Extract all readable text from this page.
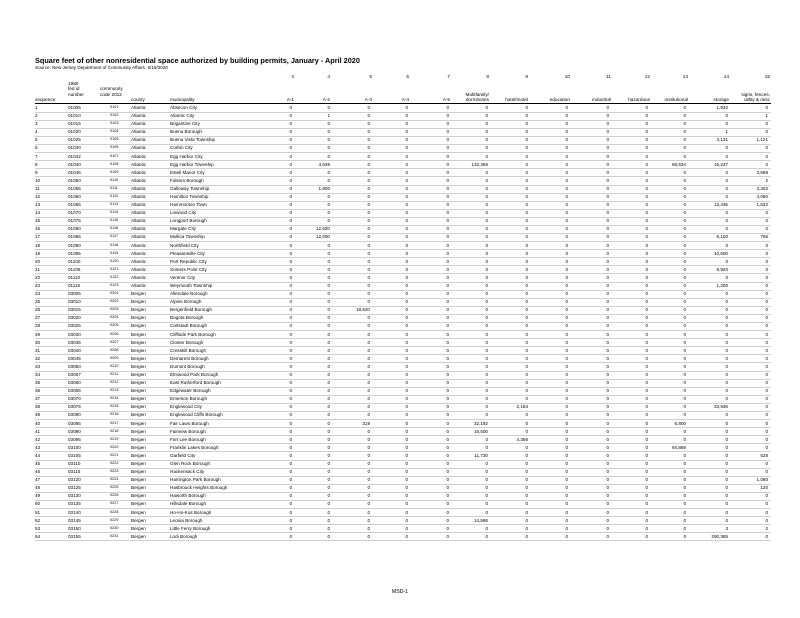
Square feet of other nonresidential space authorized by building permits, January - April 2020
Source: New Jersey Department of Community Affairs, 6/19/2020
3	4	5	6	7	8	9	10	11	12	13	14	15
sequence
1980
fed id
number
community
code 2012
county	municipality	A-1	A-2	A-3	A-4	A-5
Multifamily/
dormitories	hotel/motel	education	industrial	hazardous	institutional	storage
signs, fences,
utility & misc
1	01005	0101	Atlantic	Absecon City	0	0	0	0	0	0	0	0	0	0	0	1,932	0
2	01010	0102	Atlantic	Atlantic City	0	1	0	0	0	0	0	0	0	0	0	0	1
3	01015	0103	Atlantic	Brigantine City	0	0	0	0	0	0	0	0	0	0	0	0	0
4	01020	0104	Atlantic	Buena Borough	0	0	0	0	0	0	0	0	0	0	0	1	0
5	01025	0105	Atlantic	Buena Vista Township	0	0	0	0	0	0	0	0	0	0	0	3,131	1,121
6	01030	0106	Atlantic	Corbin City	0	0	0	0	0	0	0	0	0	0	0	0	0
7	01042	0107	Atlantic	Egg Harbor City	0	0	0	0	0	0	0	0	0	0	0	0	0
8	01040	0108	Atlantic	Egg Harbor Township	0	4,638	0	0	0	132,366	0	0	0	0	85,534	16,237	0
9	01045	0109	Atlantic	Estell Manor City	0	0	0	0	0	0	0	0	0	0	0	0	3,569
10	01050	0110	Atlantic	Folsom Borough	0	0	0	0	0	0	0	0	0	0	0	0	2
11	01055	0111	Atlantic	Galloway Township	0	1,800	0	0	0	0	0	0	0	0	0	0	3,302
12	01060	0112	Atlantic	Hamilton Township	0	0	0	0	0	0	0	0	0	0	0	0	4,080
13	01065	0113	Atlantic	Hammonton Town	0	0	0	0	0	0	0	0	0	0	0	13,435	1,632
14	01070	0114	Atlantic	Linwood City	0	0	0	0	0	0	0	0	0	0	0	0	0
15	01075	0115	Atlantic	Longport Borough	0	0	0	0	0	0	0	0	0	0	0	0	0
16	01080	0116	Atlantic	Margate City	0	12,620	0	0	0	0	0	0	0	0	0	0	0
17	01085	0117	Atlantic	Mullica Township	0	12,000	0	0	0	0	0	0	0	0	0	6,100	756
18	01090	0118	Atlantic	Northfield City	0	0	0	0	0	0	0	0	0	0	0	0	0
19	01095	0119	Atlantic	Pleasantville City	0	0	0	0	0	0	0	0	0	0	0	10,500	0
20	01100	0120	Atlantic	Port Republic City	0	0	0	0	0	0	0	0	0	0	0	0	0
21	01105	0121	Atlantic	Somers Point City	0	0	0	0	0	0	0	0	0	0	0	9,920	0
22	01110	0122	Atlantic	Ventnor City	0	0	0	0	0	0	0	0	0	0	0	0	0
23	01115	0123	Atlantic	Weymouth Township	0	0	0	0	0	0	0	0	0	0	0	1,200	0
24	03005	0201	Bergen	Allendale Borough	0	0	0	0	0	0	0	0	0	0	0	0	0
25	03010	0202	Bergen	Alpine Borough	0	0	0	0	0	0	0	0	0	0	0	0	0
26	03015	0203	Bergen	Bergenfield Borough	0	0	18,620	0	0	0	0	0	0	0	0	0	0
27	03020	0204	Bergen	Bogota Borough	0	0	0	0	0	0	0	0	0	0	0	0	0
28	03025	0205	Bergen	Carlstadt Borough	0	0	0	0	0	0	0	0	0	0	0	0	0
29	03030	0206	Bergen	Cliffside Park Borough	0	0	0	0	0	0	0	0	0	0	0	0	0
30	03035	0207	Bergen	Closter Borough	0	0	0	0	0	0	0	0	0	0	0	0	0
31	03040	0208	Bergen	Cresskill Borough	0	0	0	0	0	0	0	0	0	0	0	0	0
32	03045	0209	Bergen	Demarest Borough	0	0	0	0	0	0	0	0	0	0	0	0	0
33	03050	0210	Bergen	Dumont Borough	0	0	0	0	0	0	0	0	0	0	0	0	0
34	03067	0211	Bergen	Elmwood Park Borough	0	0	0	0	0	0	0	0	0	0	0	0	0
35	03060	0212	Bergen	East Rutherford Borough	0	0	0	0	0	0	0	0	0	0	0	0	0
36	03065	0213	Bergen	Edgewater Borough	0	0	0	0	0	0	0	0	0	0	0	0	0
37	03070	0214	Bergen	Emerson Borough	0	0	0	0	0	0	0	0	0	0	0	0	0
38	03075	0215	Bergen	Englewood City	0	0	0	0	0	0	2,184	0	0	0	0	33,936	0
39	03080	0216	Bergen	Englewood Cliffs Borough	0	0	0	0	0	0	0	0	0	0	0	0	0
40	03085	0217	Bergen	Fair Lawn Borough	0	0	319	0	0	32,192	0	0	0	0	6,800	0	0
41	03090	0218	Bergen	Fairview Borough	0	0	0	0	0	16,500	0	0	0	0	0	0	0
42	03095	0219	Bergen	Fort Lee Borough	0	0	0	0	0	0	4,356	0	0	0	0	0	0
43	03100	0220	Bergen	Franklin Lakes Borough	0	0	0	0	0	0	0	0	0	0	94,889	0	0
44	03105	0221	Bergen	Garfield City	0	0	0	0	0	11,730	0	0	0	0	0	0	528
45	03110	0222	Bergen	Glen Rock Borough	0	0	0	0	0	0	0	0	0	0	0	0	0
46	03115	0223	Bergen	Hackensack City	0	0	0	0	0	0	0	0	0	0	0	0	0
47	03120	0224	Bergen	Harrington Park Borough	0	0	0	0	0	0	0	0	0	0	0	0	1,080
48	03125	0225	Bergen	Hasbrouck Heights Borough	0	0	0	0	0	0	0	0	0	0	0	0	120
49	03130	0226	Bergen	Haworth Borough	0	0	0	0	0	0	0	0	0	0	0	0	0
50	03135	0227	Bergen	Hillsdale Borough	0	0	0	0	0	0	0	0	0	0	0	0	0
51	03140	0228	Bergen	Ho-Ho-Kus Borough	0	0	0	0	0	0	0	0	0	0	0	0	0
52	03145	0229	Bergen	Leonia Borough	0	0	0	0	0	14,586	0	0	0	0	0	0	0
53	03150	0230	Bergen	Little Ferry Borough	0	0	0	0	0	0	0	0	0	0	0	3	2
54	03155	0231	Bergen	Lodi Borough	0	0	0	0	0	0	0	0	0	0	0	290,385	0
MSD-1
